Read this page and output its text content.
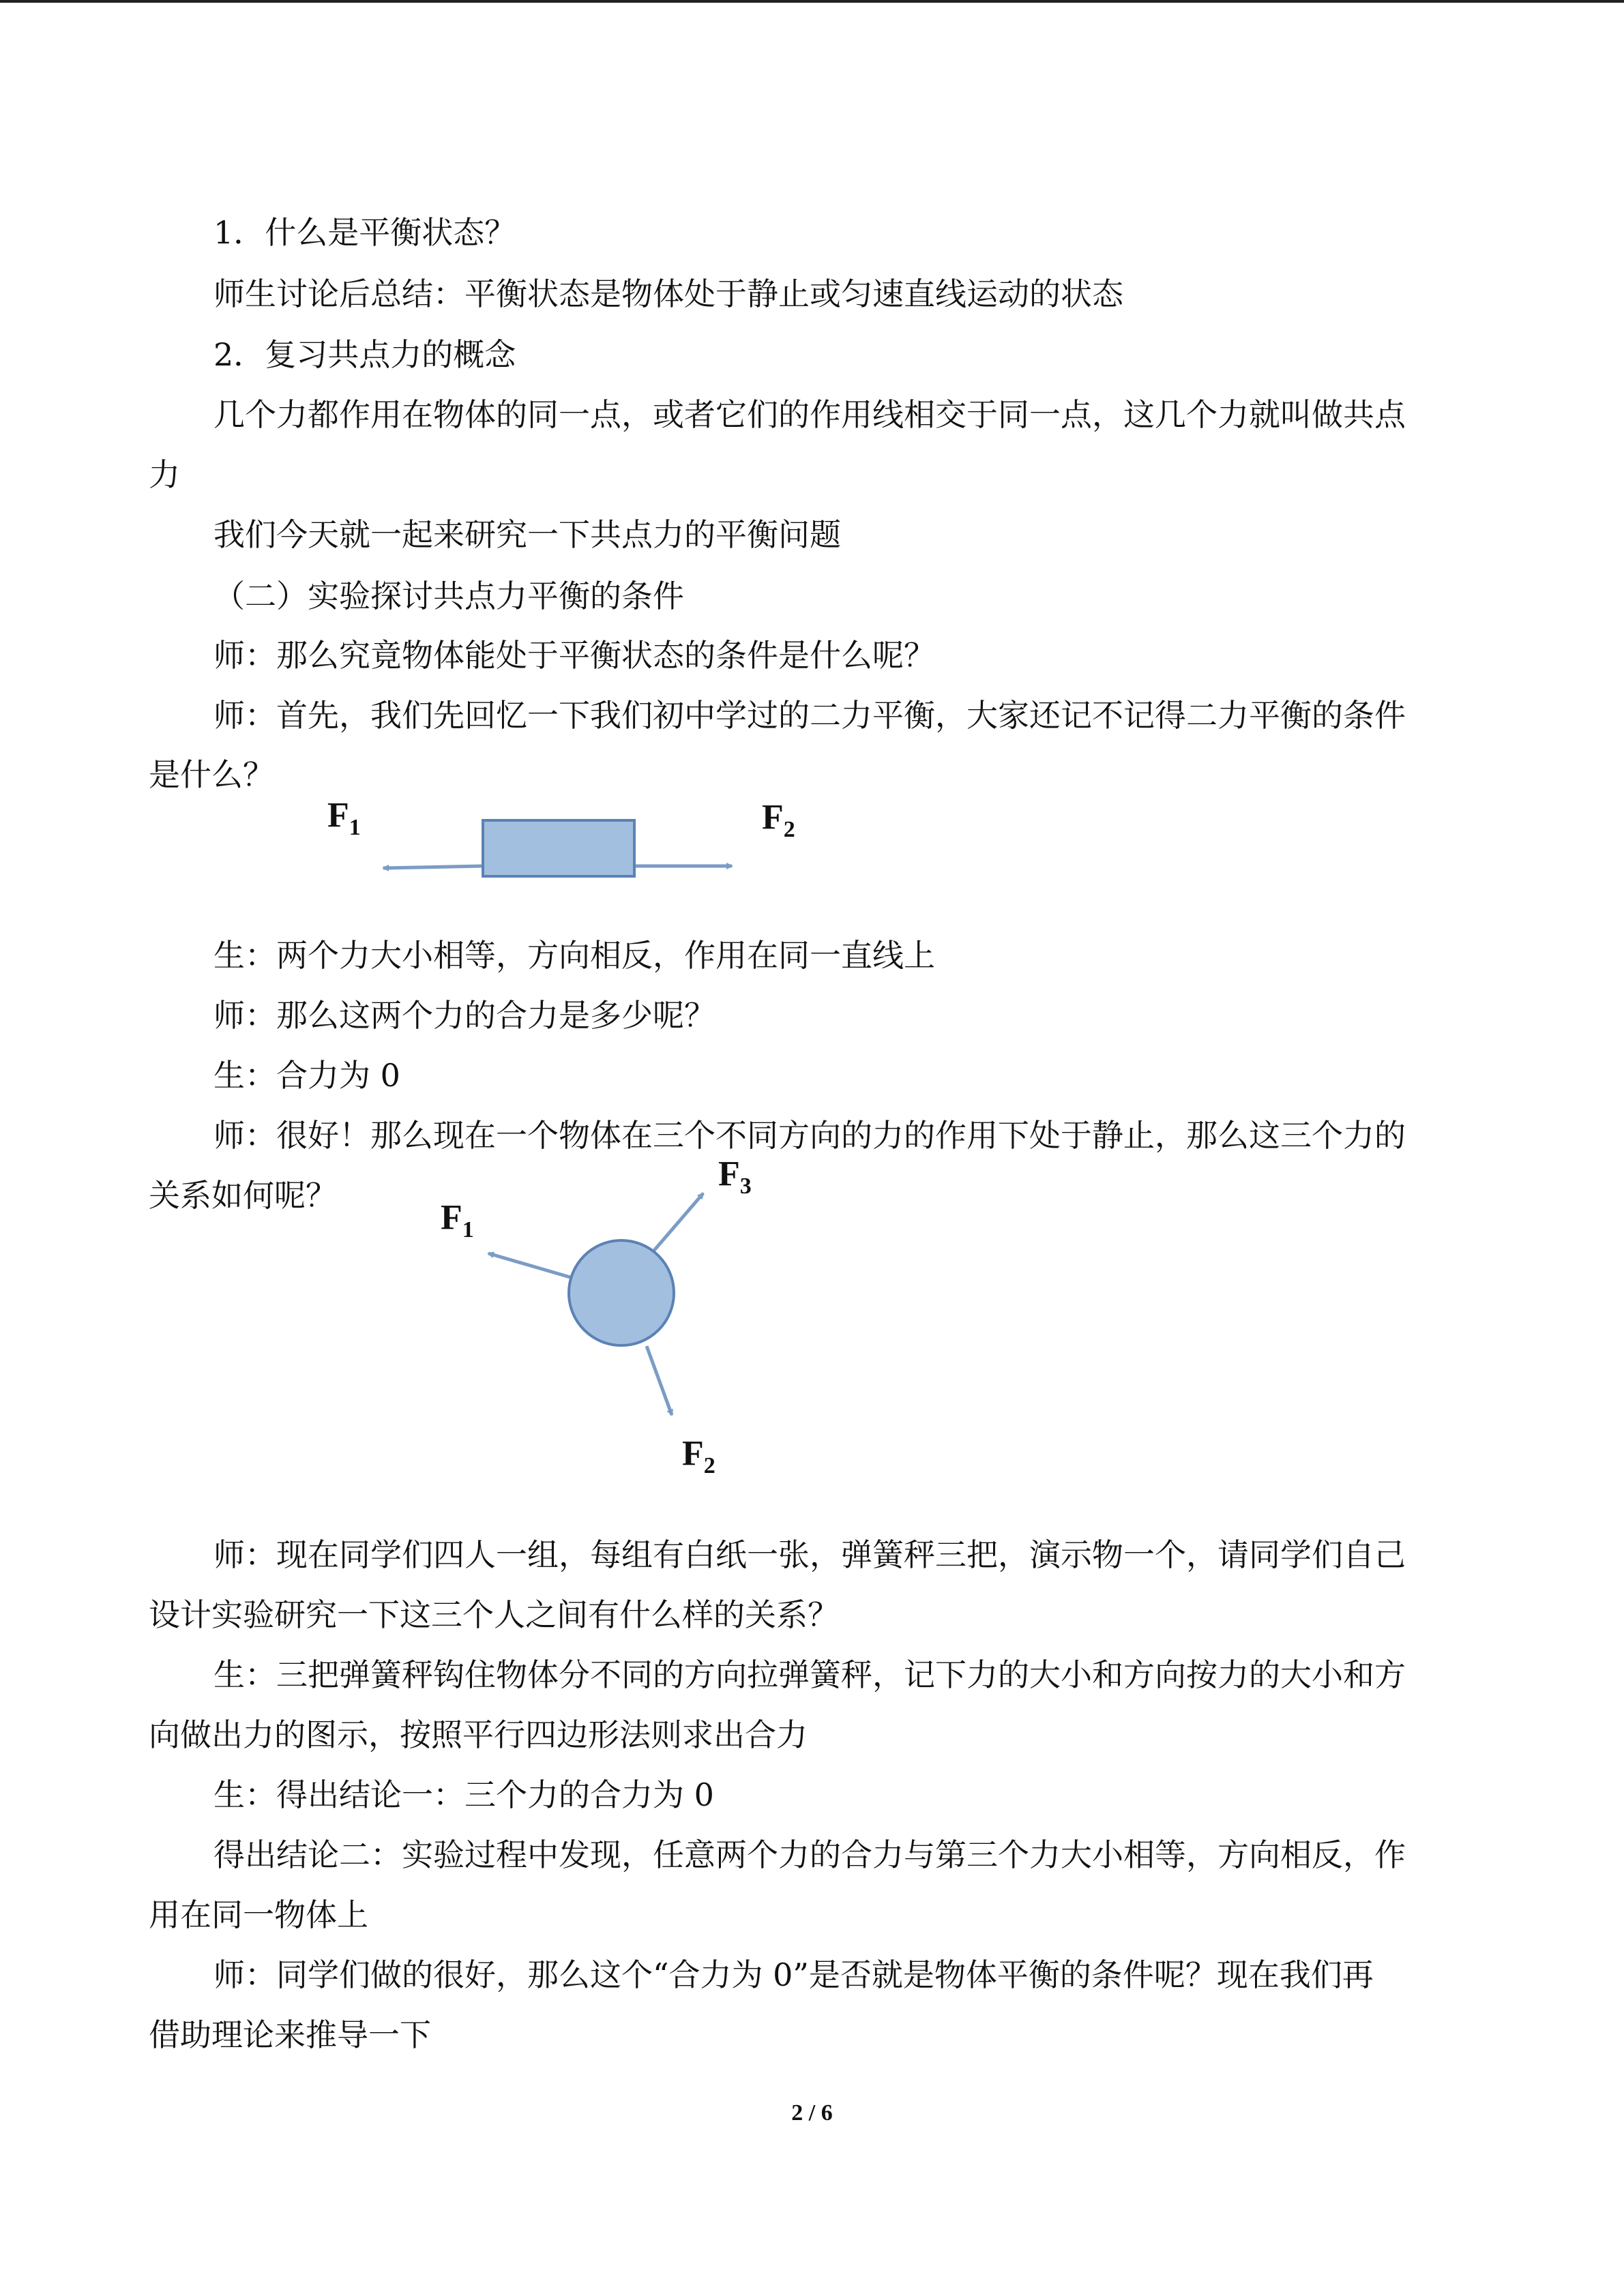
1．什么是平衡状态？
师生讨论后总结：平衡状态是物体处于静止或匀速直线运动的状态
2．复习共点力的概念
几个力都作用在物体的同一点，或者它们的作用线相交于同一点，这几个力就叫做共点
力
我们今天就一起来研究一下共点力的平衡问题
（二）实验探讨共点力平衡的条件
师：那么究竟物体能处于平衡状态的条件是什么呢？
师：首先，我们先回忆一下我们初中学过的二力平衡，大家还记不记得二力平衡的条件
是什么？
$F_1$	$F_2$
生：两个力大小相等，方向相反，作用在同一直线上
师：那么这两个力的合力是多少呢？
生：合力为 0
师：很好！那么现在一个物体在三个不同方向的力的作用下处于静止，那么这三个力的
关系如何呢？
$F_1$
$F_3$
$F_2$
师：现在同学们四人一组，每组有白纸一张，弹簧秤三把，演示物一个，请同学们自己
设计实验研究一下这三个人之间有什么样的关系？
生：三把弹簧秤钩住物体分不同的方向拉弹簧秤，记下力的大小和方向按力的大小和方
向做出力的图示，按照平行四边形法则求出合力
生：得出结论一：三个力的合力为 0
得出结论二：实验过程中发现，任意两个力的合力与第三个力大小相等，方向相反，作
用在同一物体上
师：同学们做的很好，那么这个“合力为 0”是否就是物体平衡的条件呢？现在我们再
借助理论来推导一下
2 / 6
